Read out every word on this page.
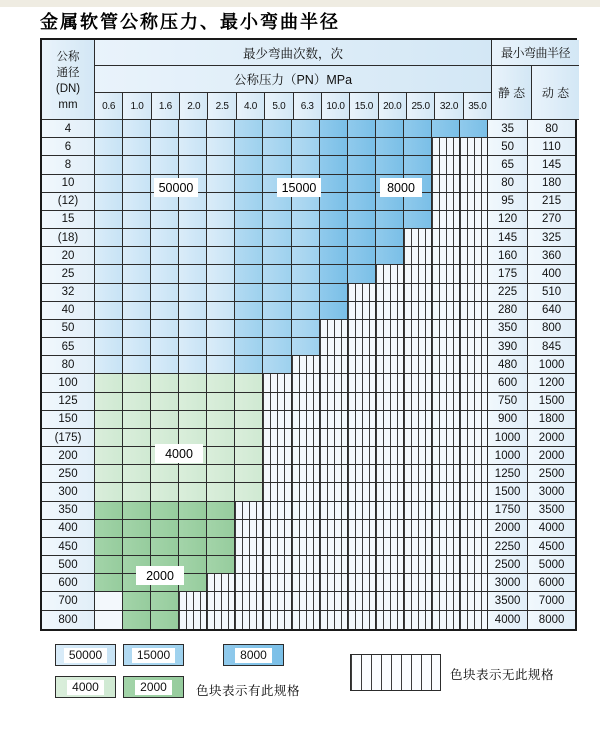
金属软管公称压力、最小弯曲半径
公称
通径
(DN)
mm
最少弯曲次数，次
公称压力（PN）MPa
0.6	1.0	1.6	2.0	2.5	4.0	5.0	6.3	10.0	15.0	20.0	25.0	32.0	35.0
最小弯曲半径
静 态	动 态
4	35	80
6	50	110
8	65	145
10	80	180
(12)	95	215
15	120	270
(18)	145	325
20	160	360
25	175	400
32	225	510
40	280	640
50	350	800
65	390	845
80	480	1000
100	600	1200
125	750	1500
150	900	1800
(175)	1000	2000
200	1000	2000
250	1250	2500
300	1500	3000
350	1750	3500
400	2000	4000
450	2250	4500
500	2500	5000
600	3000	6000
700	3500	7000
800	4000	8000
50000	15000	8000
4000
2000
50000	15000	8000
4000	2000	色块表示有此规格
色块表示无此规格
